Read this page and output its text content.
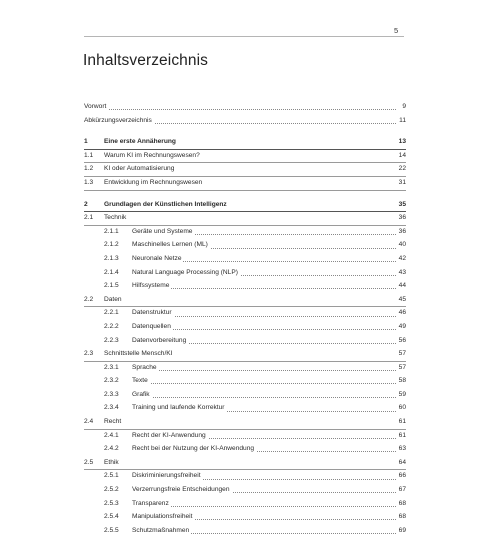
5
Inhaltsverzeichnis
Vorwort	9
Abkürzungsverzeichnis	11
1 Eine erste Annäherung	13
1.1 Warum KI im Rechnungswesen?	14
1.2 KI oder Automatisierung	22
1.3 Entwicklung im Rechnungswesen	31
2 Grundlagen der Künstlichen Intelligenz	35
2.1 Technik	36
2.1.1 Geräte und Systeme	36
2.1.2 Maschinelles Lernen (ML)	40
2.1.3 Neuronale Netze	42
2.1.4 Natural Language Processing (NLP)	43
2.1.5 Hilfssysteme	44
2.2 Daten	45
2.2.1 Datenstruktur	46
2.2.2 Datenquellen	49
2.2.3 Datenvorbereitung	56
2.3 Schnittstelle Mensch/KI	57
2.3.1 Sprache	57
2.3.2 Texte	58
2.3.3 Grafik	59
2.3.4 Training und laufende Korrektur	60
2.4 Recht	61
2.4.1 Recht der KI-Anwendung	61
2.4.2 Recht bei der Nutzung der KI-Anwendung	63
2.5 Ethik	64
2.5.1 Diskriminierungsfreiheit	66
2.5.2 Verzerrungsfreie Entscheidungen	67
2.5.3 Transparenz	68
2.5.4 Manipulationsfreiheit	68
2.5.5 Schutzmaßnahmen	69
